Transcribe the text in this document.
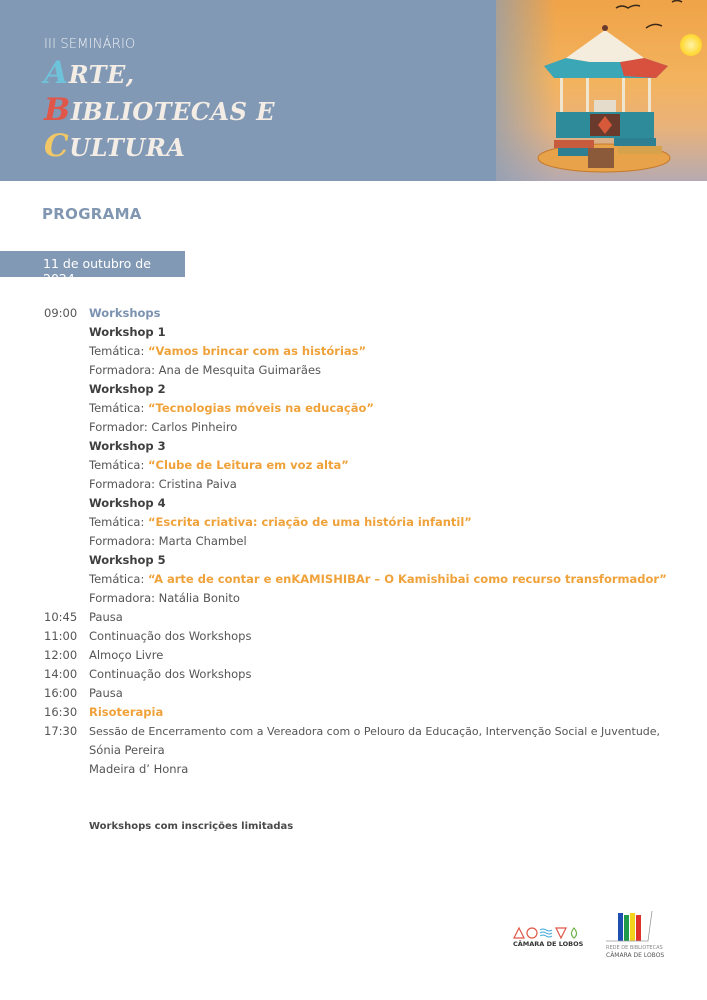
III SEMINÁRIO
ARTE,
BIBLIOTECAS E
CULTURA
PROGRAMA
11 de outubro de 2024
09:00 Workshops
Workshop 1
Temática: “Vamos brincar com as histórias”
Formadora: Ana de Mesquita Guimarães
Workshop 2
Temática: “Tecnologias móveis na educação”
Formador: Carlos Pinheiro
Workshop 3
Temática: “Clube de Leitura em voz alta”
Formadora: Cristina Paiva
Workshop 4
Temática: “Escrita criativa: criação de uma história infantil”
Formadora: Marta Chambel
Workshop 5
Temática: “A arte de contar e enKAMISHIBAr – O Kamishibai como recurso transformador”
Formadora: Natália Bonito
10:45 Pausa
11:00 Continuação dos Workshops
12:00 Almoço Livre
14:00 Continuação dos Workshops
16:00 Pausa
16:30 Risoterapia
17:30 Sessão de Encerramento com a Vereadora com o Pelouro da Educação, Intervenção Social e Juventude,
Sónia Pereira
Madeira d’ Honra
Workshops com inscrições limitadas
CÂMARA DE LOBOS	REDE DE BIBLIOTECAS
CÂMARA DE LOBOS
